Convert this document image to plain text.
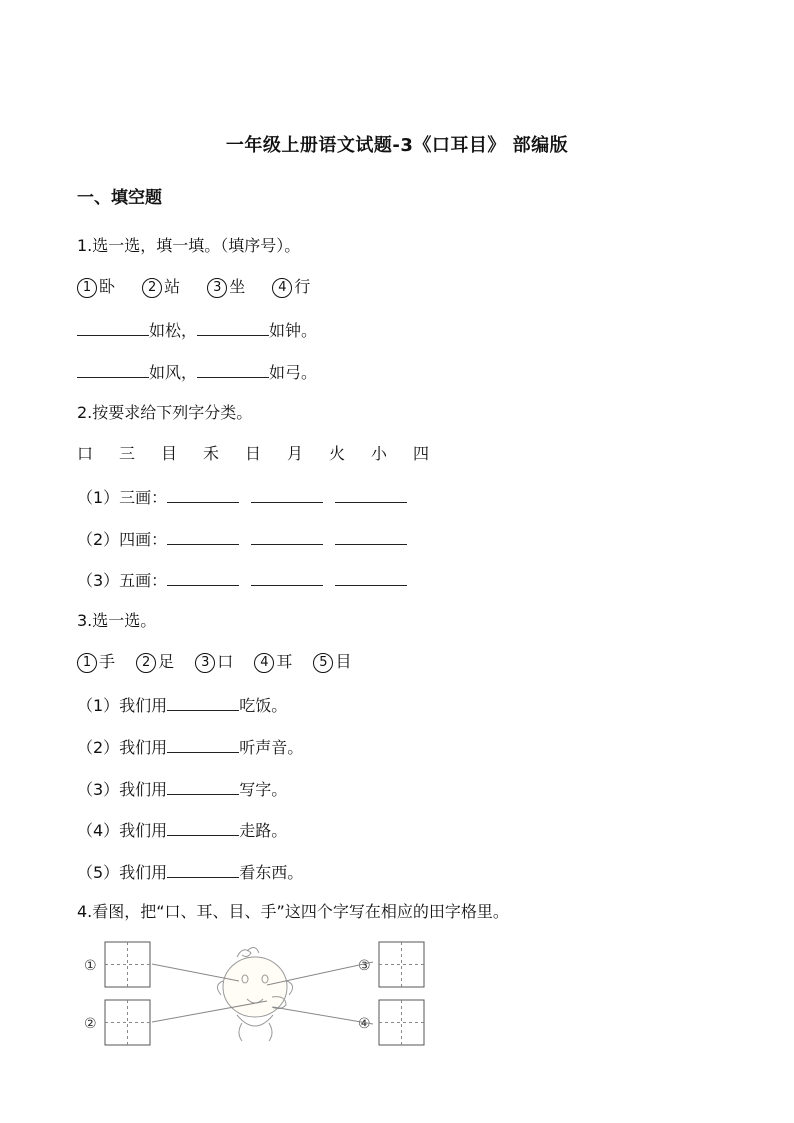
一年级上册语文试题-3《口耳目》 部编版
一、填空题
1.选一选，填一填。（填序号）。
1 卧	2 站	3 坐	4 行
如松，	如钟。
如风，	如弓。
2.按要求给下列字分类。
口 三 目 禾 日 月 火 小 四
（1）三画：
（2）四画：
（3）五画：
3.选一选。
1 手 2 足 3 口 4 耳 5 目
（1）我们用	吃饭。
（2）我们用	听声音。
（3）我们用	写字。
（4）我们用	走路。
（5）我们用	看东西。
4.看图，把“口、耳、目、手”这四个字写在相应的田字格里。
①
②
③
④
